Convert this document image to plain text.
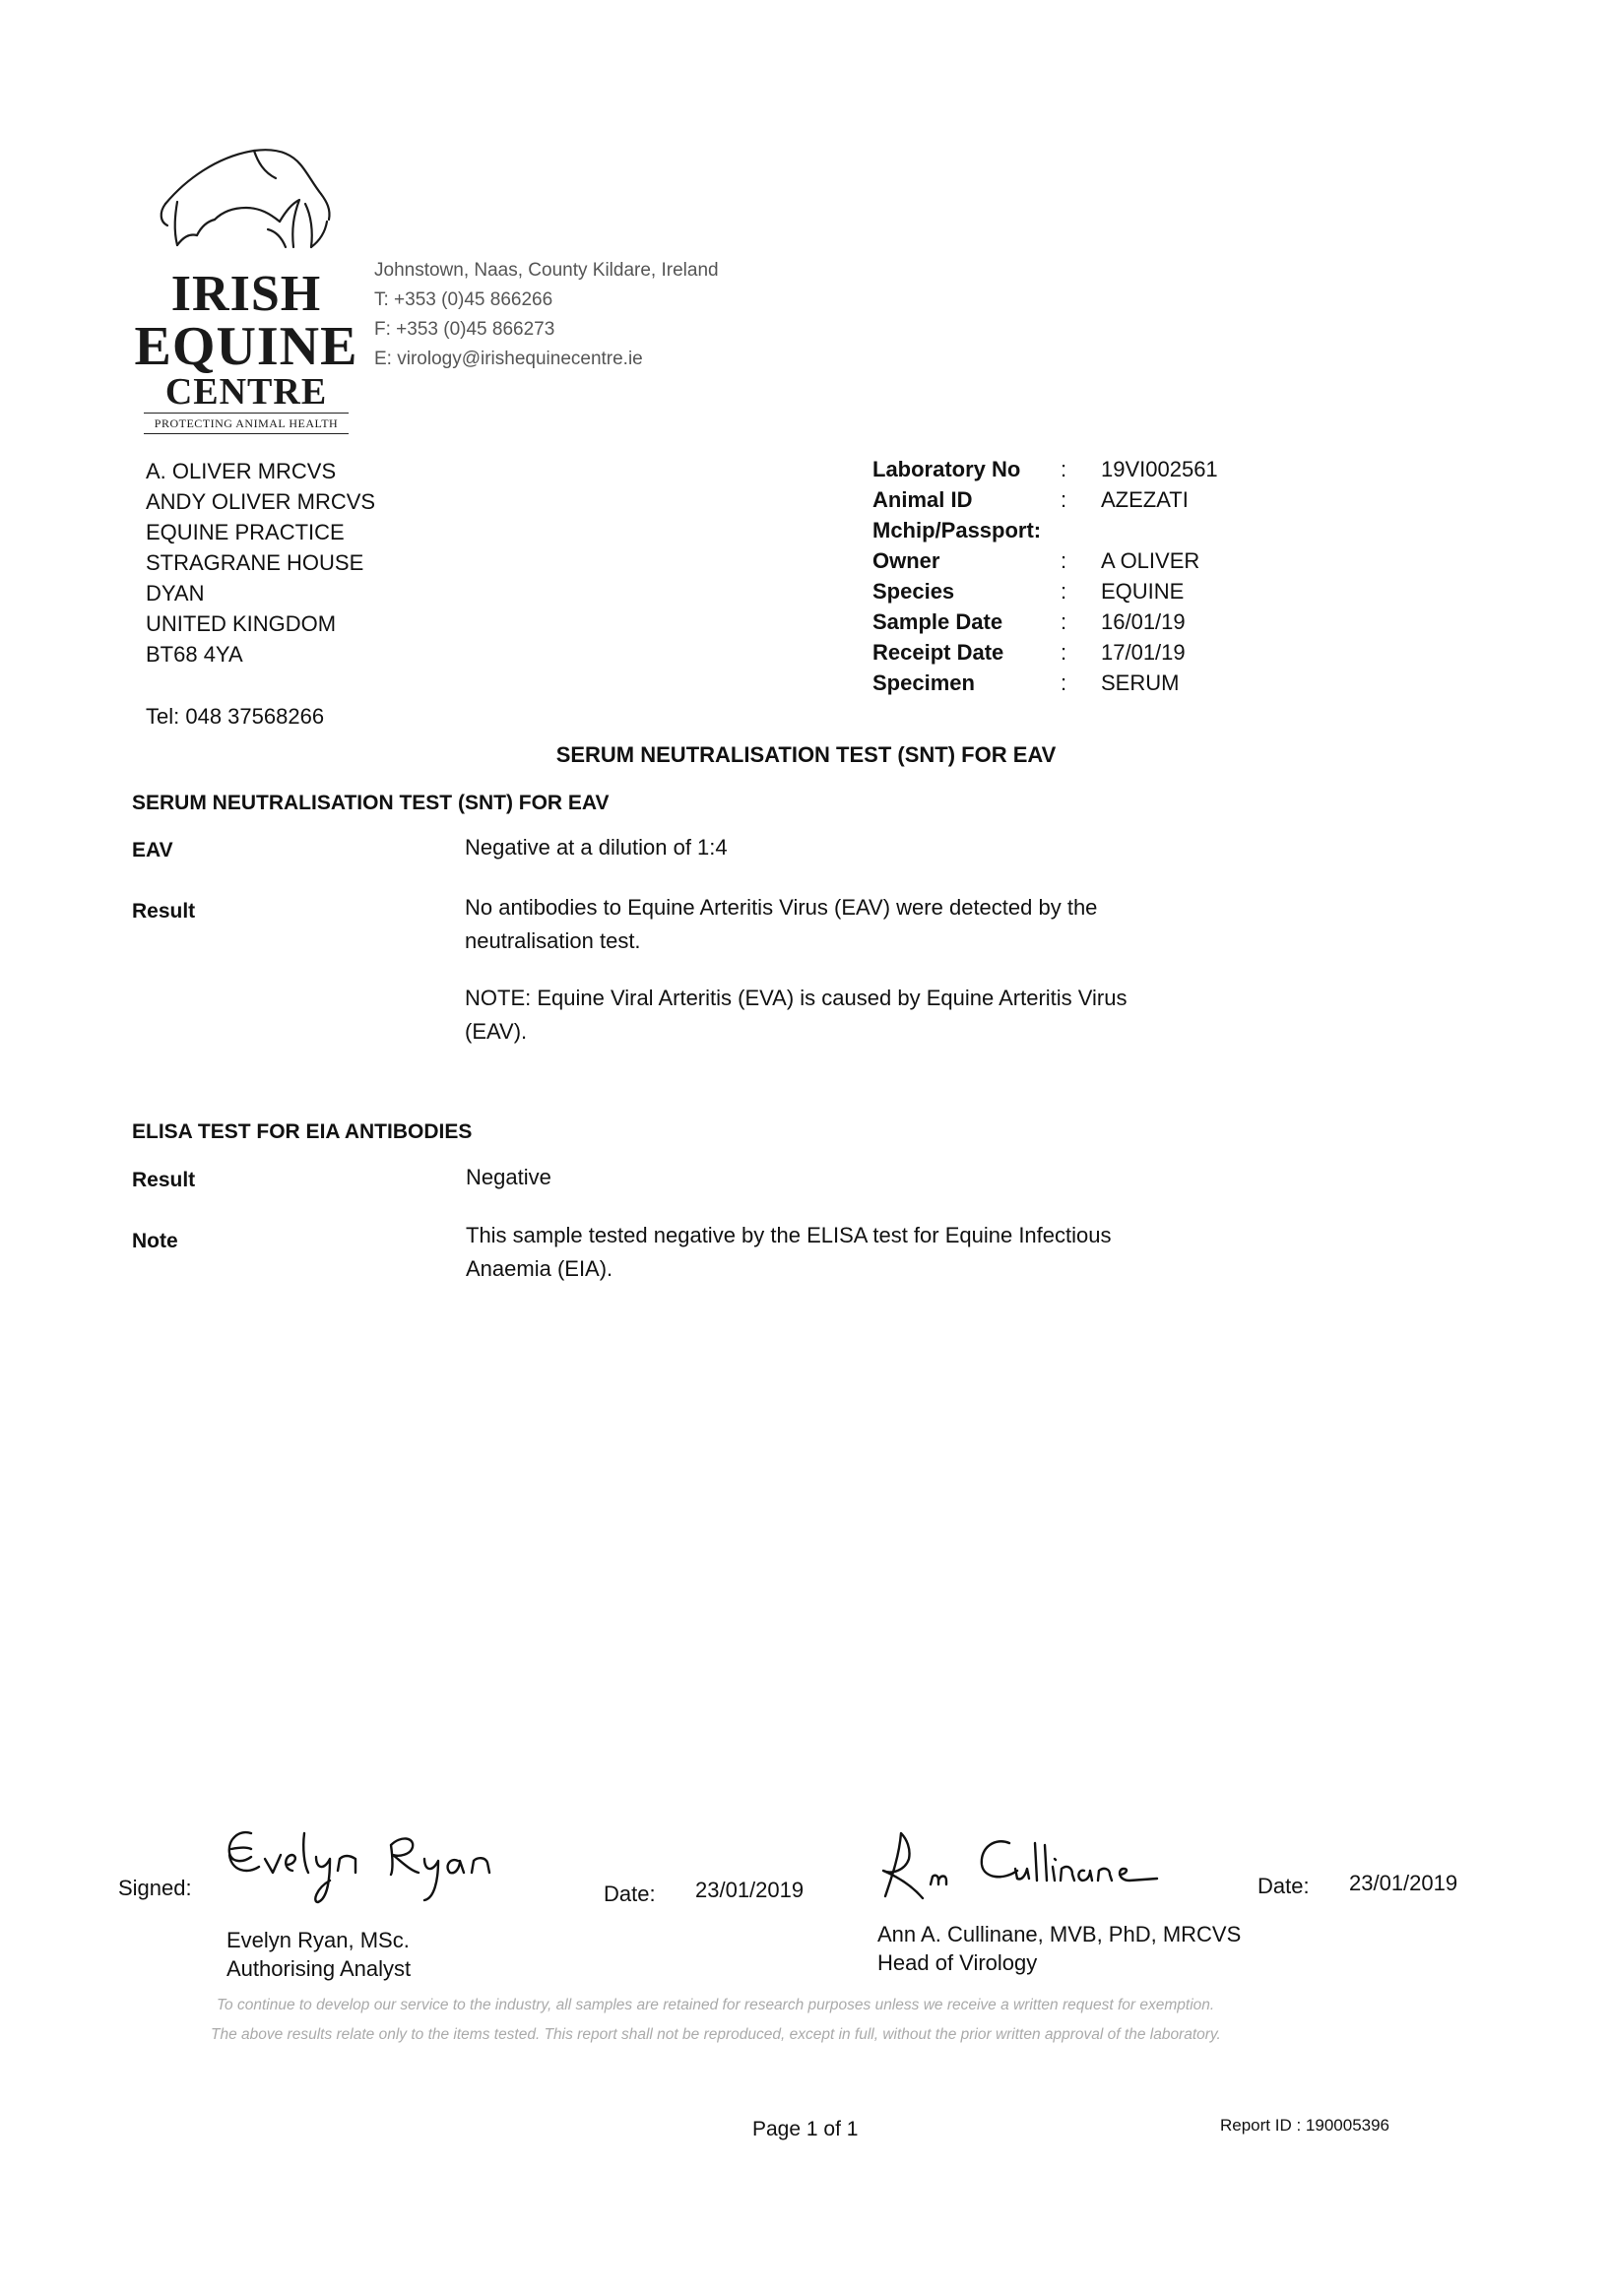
IRISH
EQUINE
CENTRE
PROTECTING ANIMAL HEALTH
Johnstown, Naas, County Kildare, Ireland
T: +353 (0)45 866266
F: +353 (0)45 866273
E: virology@irishequinecentre.ie
A. OLIVER MRCVS
ANDY OLIVER MRCVS
EQUINE PRACTICE
STRAGRANE HOUSE
DYAN
UNITED KINGDOM
BT68 4YA
Tel: 048 37568266
Laboratory No : 19VI002561
Animal ID	: AZEZATI
Mchip/Passport:
Owner	: A OLIVER
Species	: EQUINE
Sample Date	: 16/01/19
Receipt Date	: 17/01/19
Specimen	: SERUM
SERUM NEUTRALISATION TEST (SNT) FOR EAV
SERUM NEUTRALISATION TEST (SNT) FOR EAV
EAV	Negative at a dilution of 1:4
Result	No antibodies to Equine Arteritis Virus (EAV) were detected by the
neutralisation test.
NOTE: Equine Viral Arteritis (EVA) is caused by Equine Arteritis Virus
(EAV).
ELISA TEST FOR EIA ANTIBODIES
Result	Negative
Note	This sample tested negative by the ELISA test for Equine Infectious
Anaemia (EIA).
Signed:	Date: 23/01/2019
Evelyn Ryan, MSc.
Authorising Analyst
Date: 23/01/2019
Ann A. Cullinane, MVB, PhD, MRCVS
Head of Virology
To continue to develop our service to the industry, all samples are retained for research purposes unless we receive a written request for exemption.
The above results relate only to the items tested. This report shall not be reproduced, except in full, without the prior written approval of the laboratory.
Page 1 of 1	Report ID : 190005396
